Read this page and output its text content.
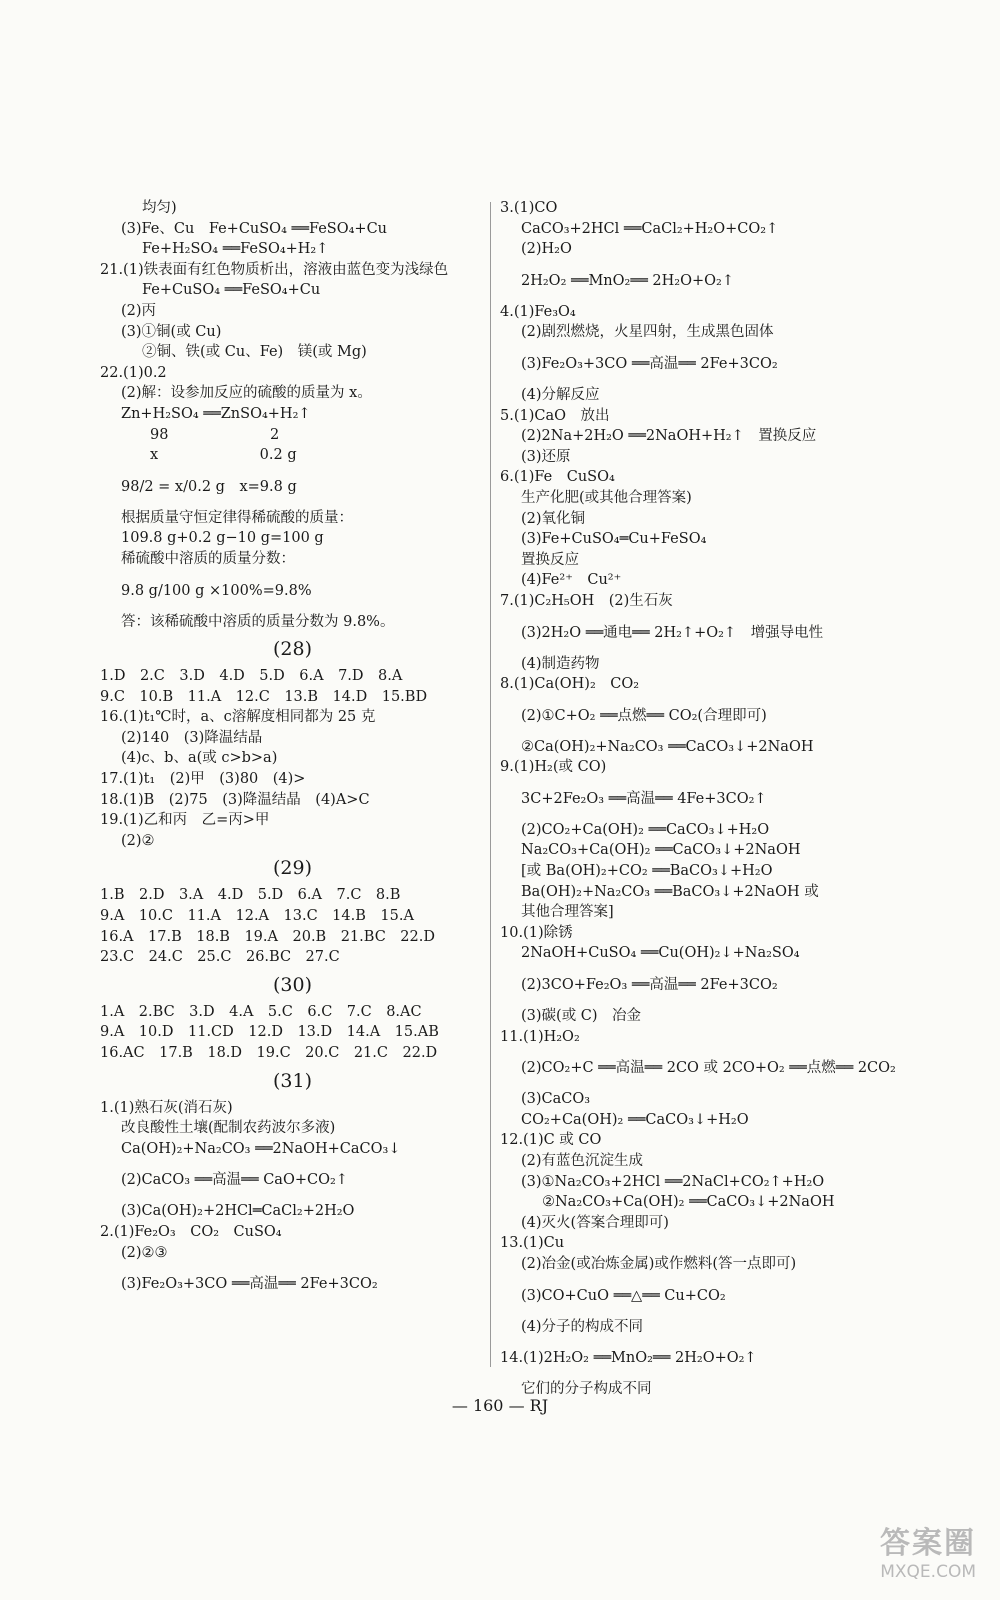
均匀)
(3)Fe、Cu　Fe+CuSO₄ ══FeSO₄+Cu
Fe+H₂SO₄ ══FeSO₄+H₂↑
21.(1)铁表面有红色物质析出，溶液由蓝色变为浅绿色
Fe+CuSO₄ ══FeSO₄+Cu
(2)丙
(3)①铜(或 Cu)
②铜、铁(或 Cu、Fe)　镁(或 Mg)
22.(1)0.2
(2)解：设参加反应的硫酸的质量为 x。
Zn+H₂SO₄ ══ZnSO₄+H₂↑
　　98　　　　　　　2
　　x　　　　　　　0.2 g
98/2 = x/0.2 g　x=9.8 g
根据质量守恒定律得稀硫酸的质量：
109.8 g+0.2 g−10 g=100 g
稀硫酸中溶质的质量分数：
9.8 g/100 g ×100%=9.8%
答：该稀硫酸中溶质的质量分数为 9.8%。
(28)
1.D　2.C　3.D　4.D　5.D　6.A　7.D　8.A
9.C　10.B　11.A　12.C　13.B　14.D　15.BD
16.(1)t₁℃时，a、c溶解度相同都为 25 克
(2)140　(3)降温结晶
(4)c、b、a(或 c>b>a)
17.(1)t₁　(2)甲　(3)80　(4)>
18.(1)B　(2)75　(3)降温结晶　(4)A>C
19.(1)乙和丙　乙=丙>甲
(2)②
(29)
1.B　2.D　3.A　4.D　5.D　6.A　7.C　8.B
9.A　10.C　11.A　12.A　13.C　14.B　15.A
16.A　17.B　18.B　19.A　20.B　21.BC　22.D
23.C　24.C　25.C　26.BC　27.C
(30)
1.A　2.BC　3.D　4.A　5.C　6.C　7.C　8.AC
9.A　10.D　11.CD　12.D　13.D　14.A　15.AB
16.AC　17.B　18.D　19.C　20.C　21.C　22.D
(31)
1.(1)熟石灰(消石灰)
改良酸性土壤(配制农药波尔多液)
Ca(OH)₂+Na₂CO₃ ══2NaOH+CaCO₃↓
(2)CaCO₃ ══高温══ CaO+CO₂↑
(3)Ca(OH)₂+2HCl═CaCl₂+2H₂O
2.(1)Fe₂O₃　CO₂　CuSO₄
(2)②③
(3)Fe₂O₃+3CO ══高温══ 2Fe+3CO₂
3.(1)CO
CaCO₃+2HCl ══CaCl₂+H₂O+CO₂↑
(2)H₂O
2H₂O₂ ══MnO₂══ 2H₂O+O₂↑
4.(1)Fe₃O₄
(2)剧烈燃烧，火星四射，生成黑色固体
(3)Fe₂O₃+3CO ══高温══ 2Fe+3CO₂
(4)分解反应
5.(1)CaO　放出
(2)2Na+2H₂O ══2NaOH+H₂↑　置换反应
(3)还原
6.(1)Fe　CuSO₄
生产化肥(或其他合理答案)
(2)氧化铜
(3)Fe+CuSO₄═Cu+FeSO₄
置换反应
(4)Fe²⁺　Cu²⁺
7.(1)C₂H₅OH　(2)生石灰
(3)2H₂O ══通电══ 2H₂↑+O₂↑　增强导电性
(4)制造药物
8.(1)Ca(OH)₂　CO₂
(2)①C+O₂ ══点燃══ CO₂(合理即可)
②Ca(OH)₂+Na₂CO₃ ══CaCO₃↓+2NaOH
9.(1)H₂(或 CO)
3C+2Fe₂O₃ ══高温══ 4Fe+3CO₂↑
(2)CO₂+Ca(OH)₂ ══CaCO₃↓+H₂O
Na₂CO₃+Ca(OH)₂ ══CaCO₃↓+2NaOH
[或 Ba(OH)₂+CO₂ ══BaCO₃↓+H₂O
Ba(OH)₂+Na₂CO₃ ══BaCO₃↓+2NaOH 或
其他合理答案]
10.(1)除锈
2NaOH+CuSO₄ ══Cu(OH)₂↓+Na₂SO₄
(2)3CO+Fe₂O₃ ══高温══ 2Fe+3CO₂
(3)碳(或 C)　冶金
11.(1)H₂O₂
(2)CO₂+C ══高温══ 2CO 或 2CO+O₂ ══点燃══ 2CO₂
(3)CaCO₃
CO₂+Ca(OH)₂ ══CaCO₃↓+H₂O
12.(1)C 或 CO
(2)有蓝色沉淀生成
(3)①Na₂CO₃+2HCl ══2NaCl+CO₂↑+H₂O
②Na₂CO₃+Ca(OH)₂ ══CaCO₃↓+2NaOH
(4)灭火(答案合理即可)
13.(1)Cu
(2)冶金(或冶炼金属)或作燃料(答一点即可)
(3)CO+CuO ══△══ Cu+CO₂
(4)分子的构成不同
14.(1)2H₂O₂ ══MnO₂══ 2H₂O+O₂↑
它们的分子构成不同
— 160 — RJ
答案圈
MXQE.COM
